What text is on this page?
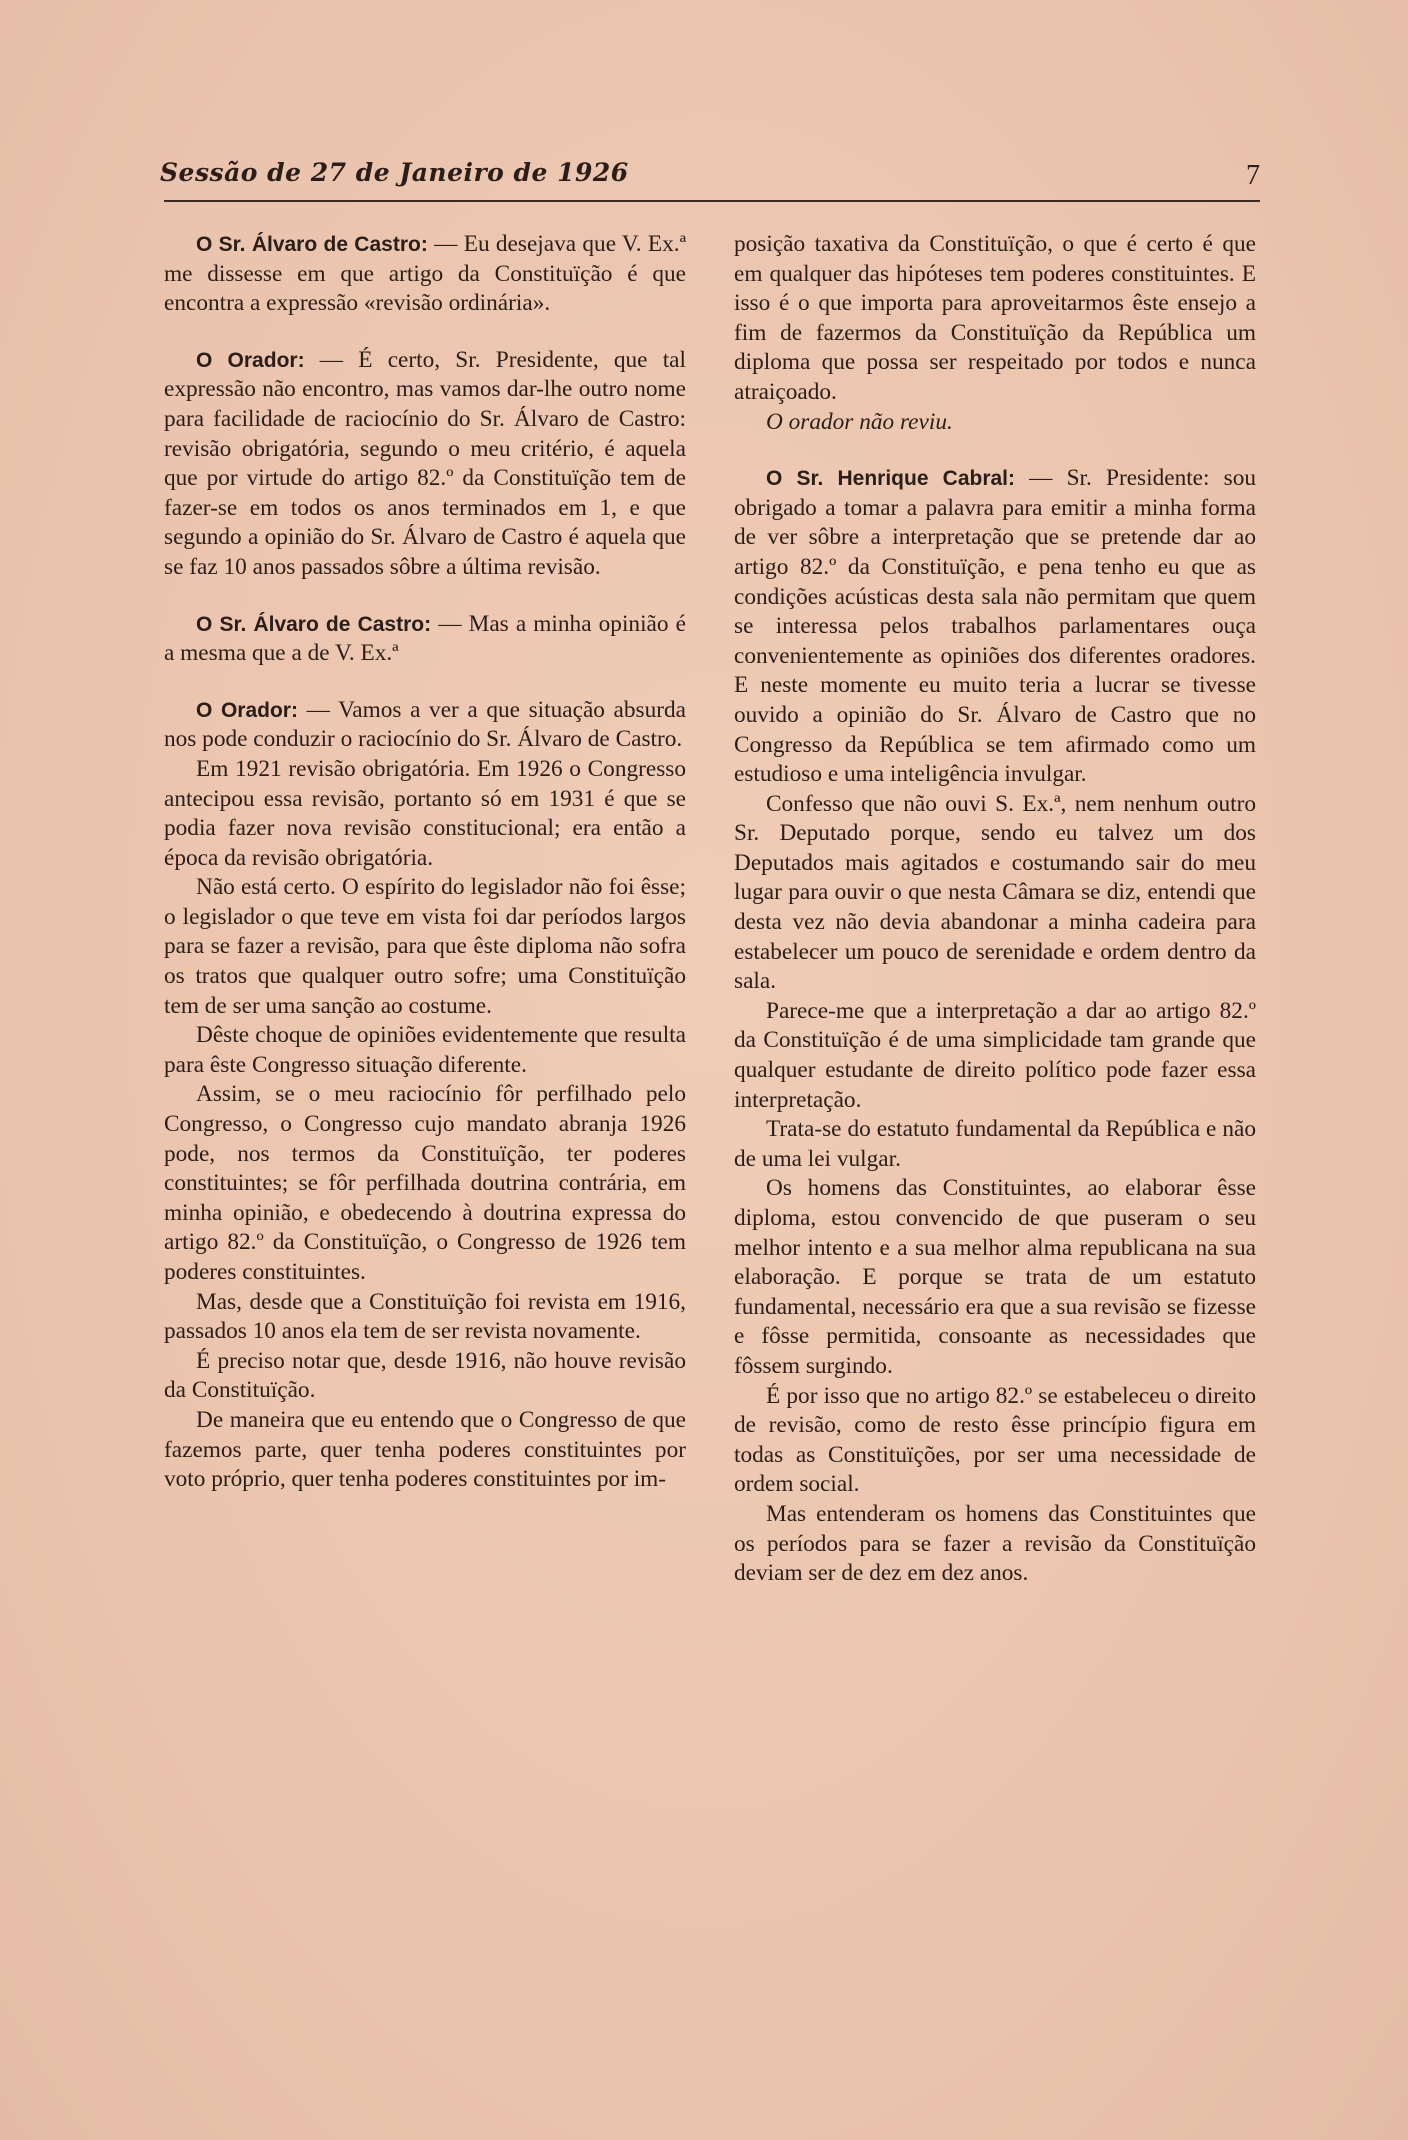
Sessão de 27 de Janeiro de 1926	7

O Sr. Álvaro de Castro: — Eu desejava que V. Ex.ª me dissesse em que artigo da Constituïção é que encontra a expressão «revisão ordinária».

O Orador: — É certo, Sr. Presidente, que tal expressão não encontro, mas vamos dar-lhe outro nome para facilidade de raciocínio do Sr. Álvaro de Castro: revisão obrigatória, segundo o meu critério, é aquela que por virtude do artigo 82.º da Constituïção tem de fazer-se em todos os anos terminados em 1, e que segundo a opinião do Sr. Álvaro de Castro é aquela que se faz 10 anos passados sôbre a última revisão.

O Sr. Álvaro de Castro: — Mas a minha opinião é a mesma que a de V. Ex.ª

O Orador: — Vamos a ver a que situação absurda nos pode conduzir o raciocínio do Sr. Álvaro de Castro.

Em 1921 revisão obrigatória. Em 1926 o Congresso antecipou essa revisão, portanto só em 1931 é que se podia fazer nova revisão constitucional; era então a época da revisão obrigatória.

Não está certo. O espírito do legislador não foi êsse; o legislador o que teve em vista foi dar períodos largos para se fazer a revisão, para que êste diploma não sofra os tratos que qualquer outro sofre; uma Constituïção tem de ser uma sanção ao costume.

Dêste choque de opiniões evidentemente que resulta para êste Congresso situação diferente.

Assim, se o meu raciocínio fôr perfilhado pelo Congresso, o Congresso cujo mandato abranja 1926 pode, nos termos da Constituïção, ter poderes constituintes; se fôr perfilhada doutrina contrária, em minha opinião, e obedecendo à doutrina expressa do artigo 82.º da Constituïção, o Congresso de 1926 tem poderes constituintes.

Mas, desde que a Constituïção foi revista em 1916, passados 10 anos ela tem de ser revista novamente.

É preciso notar que, desde 1916, não houve revisão da Constituïção.

De maneira que eu entendo que o Congresso de que fazemos parte, quer tenha poderes constituintes por voto próprio, quer tenha poderes constituintes por im-

posição taxativa da Constituïção, o que é certo é que em qualquer das hipóteses tem poderes constituintes. E isso é o que importa para aproveitarmos êste ensejo a fim de fazermos da Constituïção da República um diploma que possa ser respeitado por todos e nunca atraiçoado.

O orador não reviu.

O Sr. Henrique Cabral: — Sr. Presidente: sou obrigado a tomar a palavra para emitir a minha forma de ver sôbre a interpretação que se pretende dar ao artigo 82.º da Constituïção, e pena tenho eu que as condições acústicas desta sala não permitam que quem se interessa pelos trabalhos parlamentares ouça convenientemente as opiniões dos diferentes oradores. E neste momente eu muito teria a lucrar se tivesse ouvido a opinião do Sr. Álvaro de Castro que no Congresso da República se tem afirmado como um estudioso e uma inteligência invulgar.

Confesso que não ouvi S. Ex.ª, nem nenhum outro Sr. Deputado porque, sendo eu talvez um dos Deputados mais agitados e costumando sair do meu lugar para ouvir o que nesta Câmara se diz, entendi que desta vez não devia abandonar a minha cadeira para estabelecer um pouco de serenidade e ordem dentro da sala.

Parece-me que a interpretação a dar ao artigo 82.º da Constituïção é de uma simplicidade tam grande que qualquer estudante de direito político pode fazer essa interpretação.

Trata-se do estatuto fundamental da República e não de uma lei vulgar.

Os homens das Constituintes, ao elaborar êsse diploma, estou convencido de que puseram o seu melhor intento e a sua melhor alma republicana na sua elaboração. E porque se trata de um estatuto fundamental, necessário era que a sua revisão se fizesse e fôsse permitida, consoante as necessidades que fôssem surgindo.

É por isso que no artigo 82.º se estabeleceu o direito de revisão, como de resto êsse princípio figura em todas as Constituïções, por ser uma necessidade de ordem social.

Mas entenderam os homens das Constituintes que os períodos para se fazer a revisão da Constituïção deviam ser de dez em dez anos.
